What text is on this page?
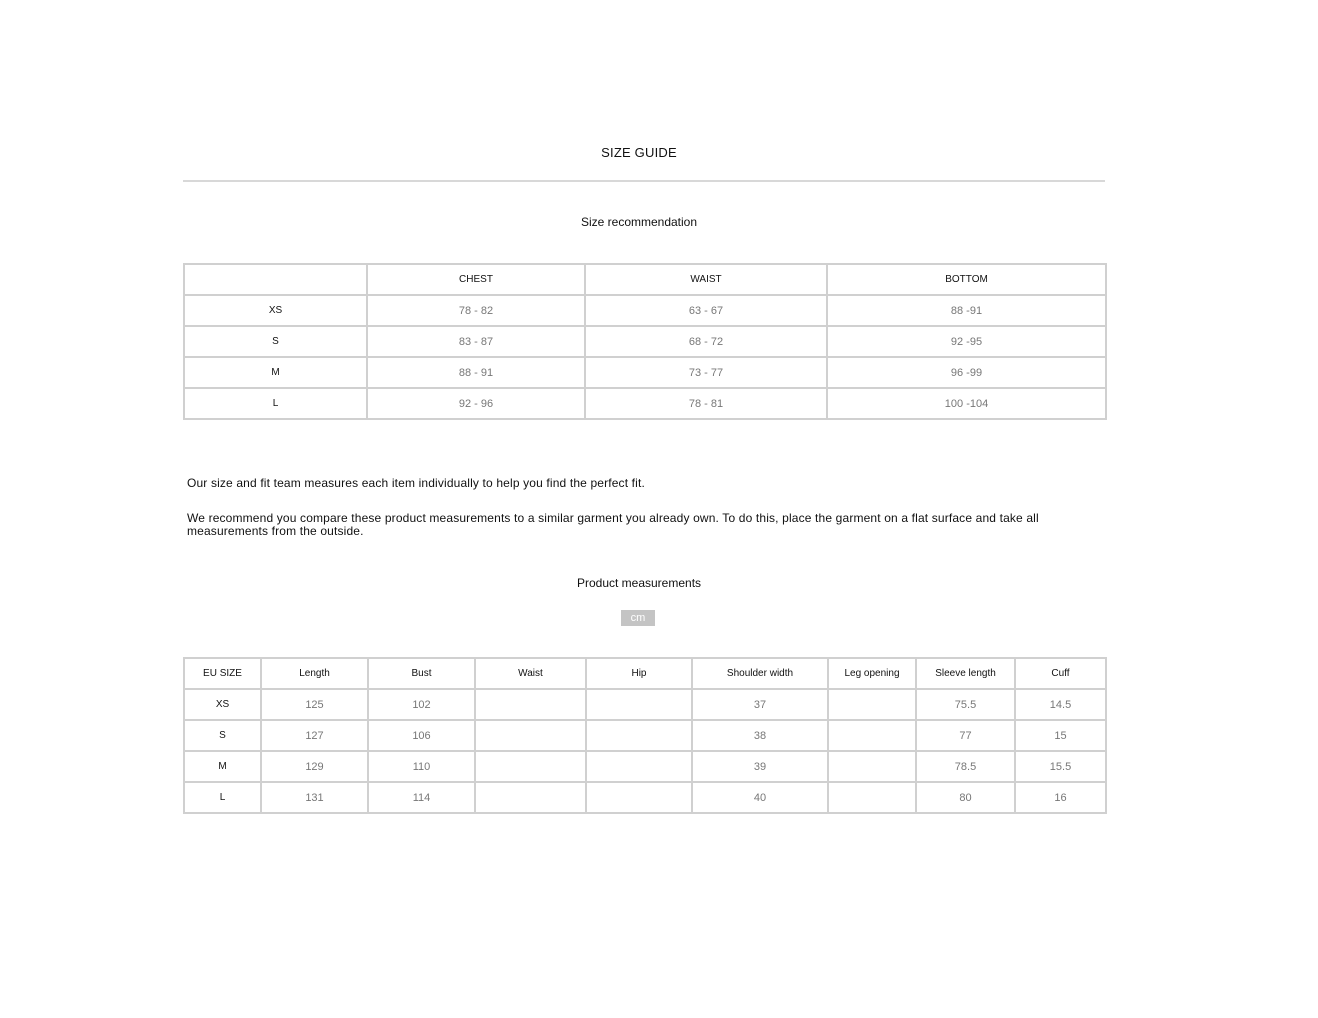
SIZE GUIDE
Size recommendation
	CHEST	WAIST	BOTTOM
XS	78 - 82	63 - 67	88 -91
S	83 - 87	68 - 72	92 -95
M	88 - 91	73 - 77	96 -99
L	92 - 96	78 - 81	100 -104
Our size and fit team measures each item individually to help you find the perfect fit.
We recommend you compare these product measurements to a similar garment you already own. To do this, place the garment on a flat surface and take all measurements from the outside.
Product measurements
cm
EU SIZE	Length	Bust	Waist	Hip	Shoulder width	Leg opening	Sleeve length	Cuff
XS	125	102			37		75.5	14.5
S	127	106			38		77	15
M	129	110			39		78.5	15.5
L	131	114			40		80	16
